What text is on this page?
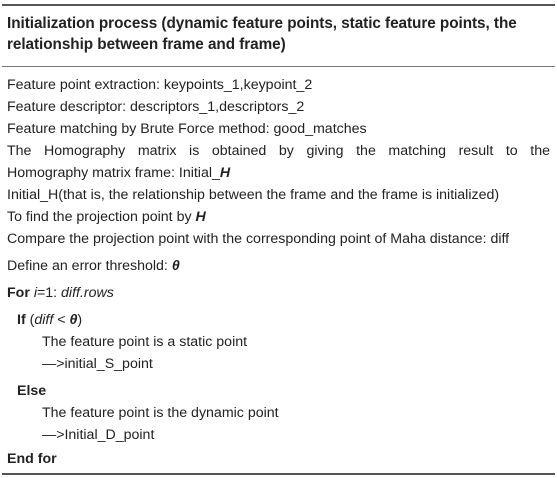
Initialization process (dynamic feature points, static feature points, the relationship between frame and frame)
Feature point extraction: keypoints_1,keypoint_2
Feature descriptor: descriptors_1,descriptors_2
Feature matching by Brute Force method: good_matches
The Homography matrix is obtained by giving the matching result to the
Homography matrix frame: Initial_H
Initial_H(that is, the relationship between the frame and the frame is initialized)
To find the projection point by H
Compare the projection point with the corresponding point of Maha distance: diff
Define an error threshold: θ
For i=1: diff.rows
If (diff < θ)
The feature point is a static point
—>initial_S_point
Else
The feature point is the dynamic point
—>Initial_D_point
End for
